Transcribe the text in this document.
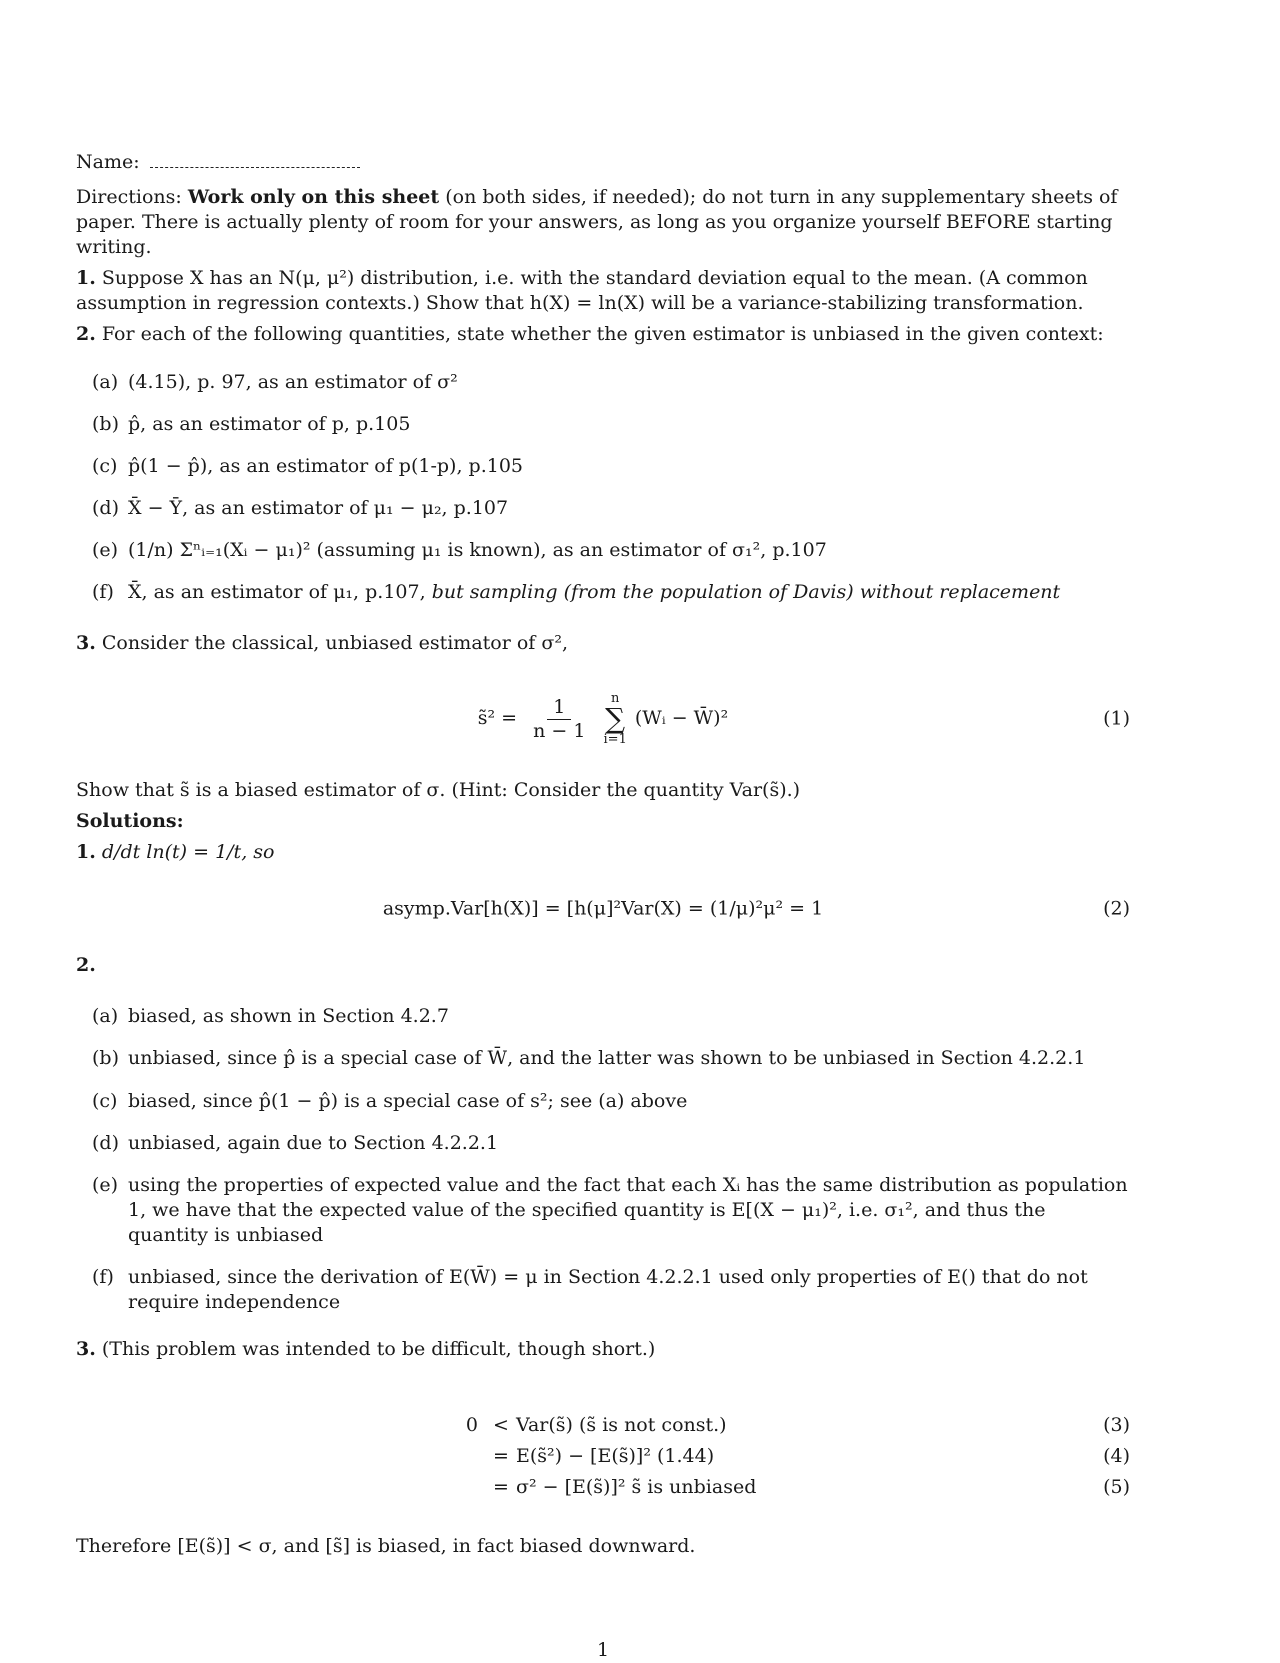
Name:

Directions: Work only on this sheet (on both sides, if needed); do not turn in any supplementary sheets of paper. There is actually plenty of room for your answers, as long as you organize yourself BEFORE starting writing.

1. Suppose X has an N(μ, μ²) distribution, i.e. with the standard deviation equal to the mean. (A common assumption in regression contexts.) Show that h(X) = ln(X) will be a variance-stabilizing transformation.

2. For each of the following quantities, state whether the given estimator is unbiased in the given context:

(a) (4.15), p. 97, as an estimator of σ²
(b) p̂, as an estimator of p, p.105
(c) p̂(1 − p̂), as an estimator of p(1-p), p.105
(d) X̄ − Ȳ, as an estimator of μ₁ − μ₂, p.107
(e) (1/n) Σⁿᵢ₌₁(Xᵢ − μ₁)² (assuming μ₁ is known), as an estimator of σ₁², p.107
(f) X̄, as an estimator of μ₁, p.107, but sampling (from the population of Davis) without replacement

3. Consider the classical, unbiased estimator of σ²,

s̃² = $\frac{1}{n - 1}$
n
∑
i=1
(Wᵢ − W̄)²	(1)

Show that s̃ is a biased estimator of σ. (Hint: Consider the quantity Var(s̃).)

Solutions:

1. d/dt ln(t) = 1/t, so

asymp.Var[h(X)] = [h(μ]²Var(X) = (1/μ)²μ² = 1	(2)

2.

(a) biased, as shown in Section 4.2.7
(b) unbiased, since p̂ is a special case of W̄, and the latter was shown to be unbiased in Section 4.2.2.1
(c) biased, since p̂(1 − p̂) is a special case of s²; see (a) above
(d) unbiased, again due to Section 4.2.2.1
(e) using the properties of expected value and the fact that each Xᵢ has the same distribution as population 1, we have that the expected value of the specified quantity is E[(X − μ₁)², i.e. σ₁², and thus the quantity is unbiased
(f) unbiased, since the derivation of E(W̄) = μ in Section 4.2.2.1 used only properties of E() that do not require independence

3. (This problem was intended to be difficult, though short.)

0 < Var(s̃) (s̃ is not const.)	(3)
= E(s̃²) − [E(s̃)]² (1.44)	(4)
= σ² − [E(s̃)]² s̃ is unbiased	(5)

Therefore [E(s̃)] < σ, and [s̃] is biased, in fact biased downward.

1
